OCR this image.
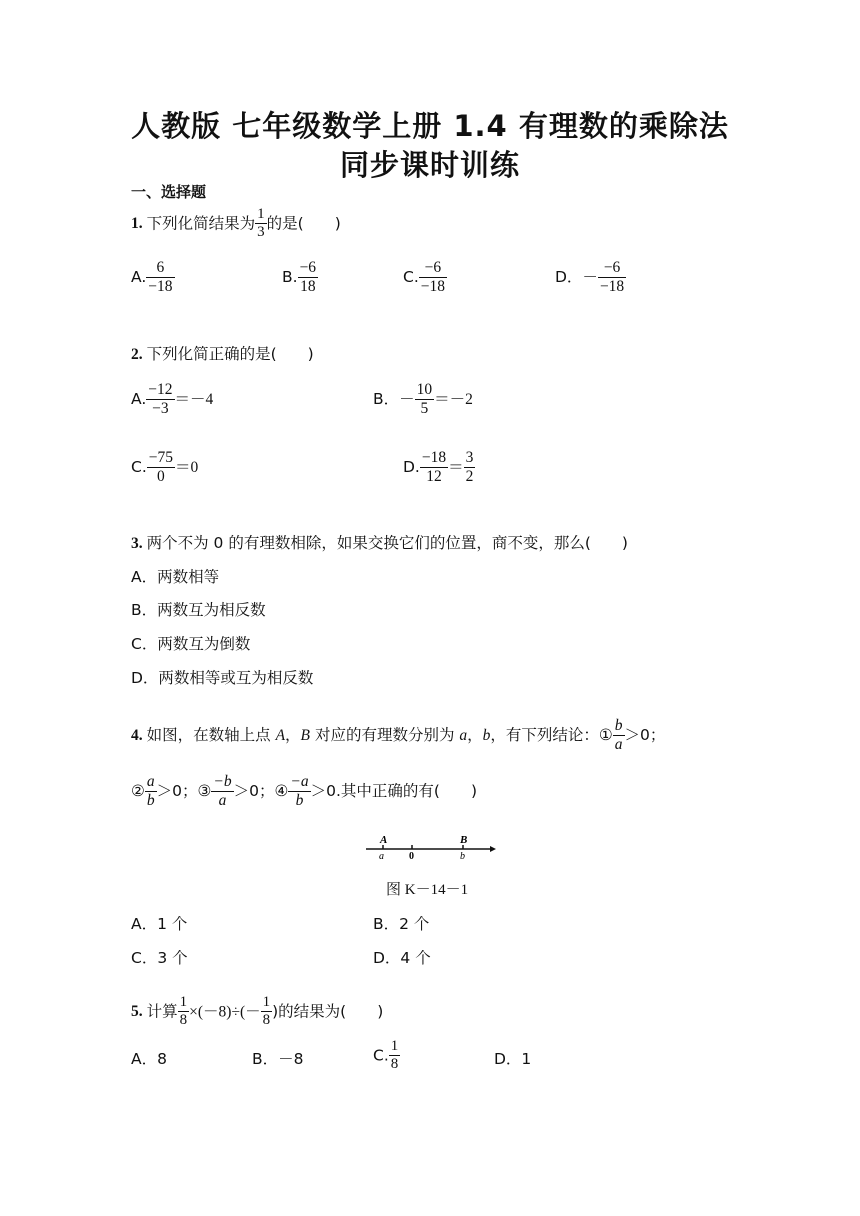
人教版 七年级数学上册 1.4 有理数的乘除法
同步课时训练
一、选择题
1. 下列化简结果为 $\frac{1}{3}$ 的是(　　)
A. $\frac{6}{-18}$	B. $\frac{-6}{18}$	C. $\frac{-6}{-18}$	D．－ $\frac{-6}{-18}$
2. 下列化简正确的是(　　)
A. $\frac{-12}{-3} =-4$	B．－ $\frac{10}{5} =-2$
C. $\frac{-75}{0} =0$	D. $\frac{-18}{12} = \frac{3}{2}$
3. 两个不为 0 的有理数相除，如果交换它们的位置，商不变，那么(　　)
A．两数相等
B．两数互为相反数
C．两数互为倒数
D．两数相等或互为相反数
4. 如图，在数轴上点 A，B 对应的有理数分别为 a，b，有下列结论：① $\frac{b}{a} >0$；
② $\frac{a}{b} >0$；③ $\frac{-b}{a} >0$；④ $\frac{-a}{b} >0$.其中正确的有(　　)
A	B
a	0	b
图 K－14－1
A．1 个	B．2 个
C．3 个	D．4 个
5. 计算 $\frac{1}{8} \times(-8)\div(- \frac{1}{8}$ )的结果为(　　)
A．8	B．－8	C. $\frac{1}{8}$	D．1
